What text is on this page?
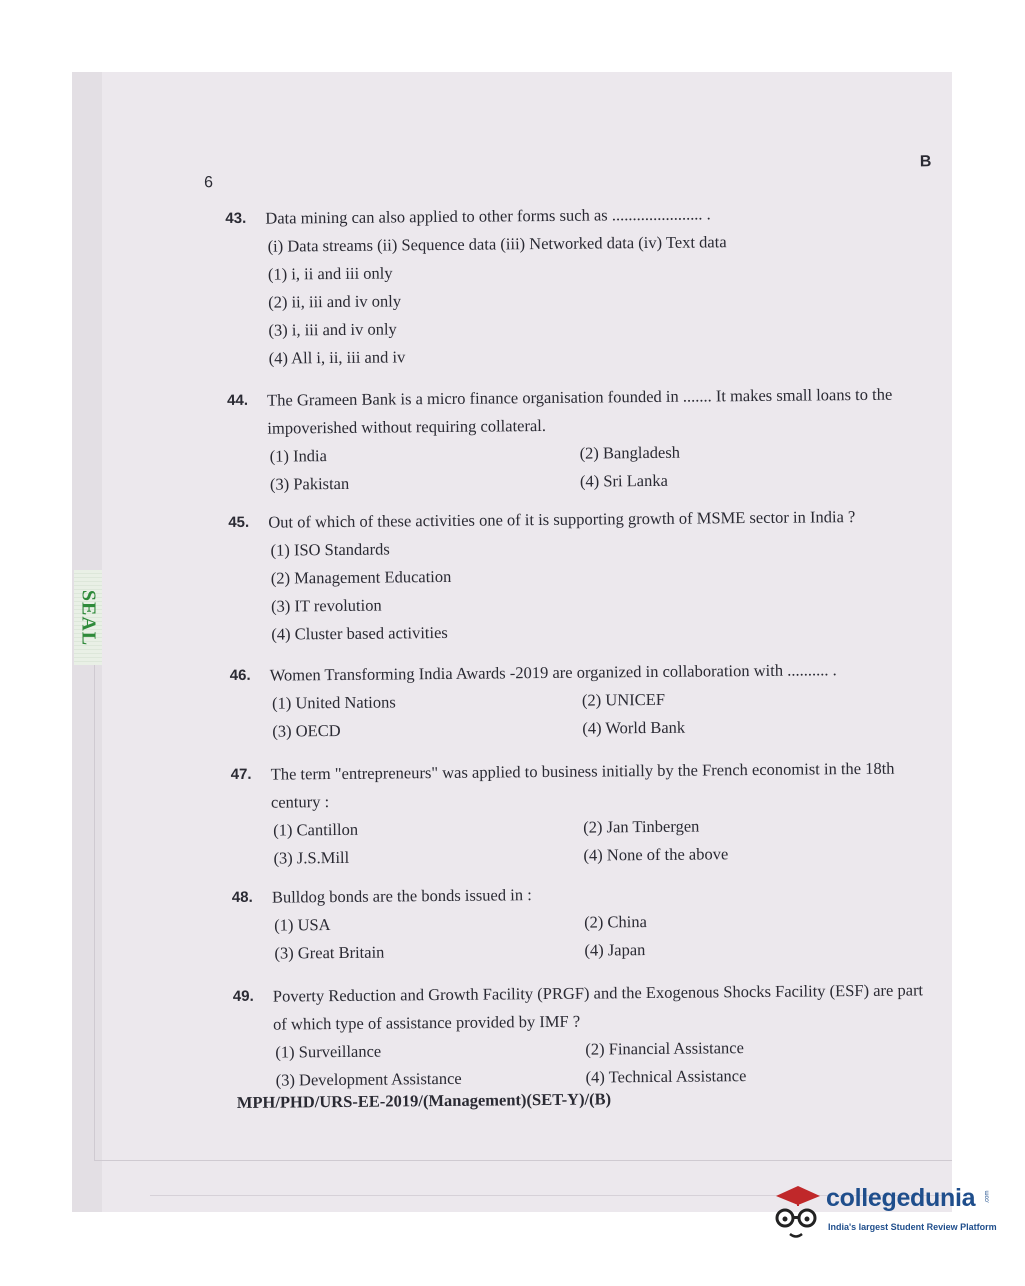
SEAL
6
B
43. Data mining can also applied to other forms such as ...................... .
(i) Data streams (ii) Sequence data (iii) Networked data (iv) Text data
(1) i, ii and iii only
(2) ii, iii and iv only
(3) i, iii and iv only
(4) All i, ii, iii and iv
44. The Grameen Bank is a micro finance organisation founded in ....... It makes small loans to the impoverished without requiring collateral.
(1) India	(2) Bangladesh
(3) Pakistan	(4) Sri Lanka
45. Out of which of these activities one of it is supporting growth of MSME sector in India ?
(1) ISO Standards
(2) Management Education
(3) IT revolution
(4) Cluster based activities
46. Women Transforming India Awards -2019 are organized in collaboration with .......... .
(1) United Nations	(2) UNICEF
(3) OECD	(4) World Bank
47. The term "entrepreneurs" was applied to business initially by the French economist in the 18th century :
(1) Cantillon	(2) Jan Tinbergen
(3) J.S.Mill	(4) None of the above
48. Bulldog bonds are the bonds issued in :
(1) USA	(2) China
(3) Great Britain	(4) Japan
49. Poverty Reduction and Growth Facility (PRGF) and the Exogenous Shocks Facility (ESF) are part of which type of assistance provided by IMF ?
(1) Surveillance	(2) Financial Assistance
(3) Development Assistance	(4) Technical Assistance
MPH/PHD/URS-EE-2019/(Management)(SET-Y)/(B)
collegedunia .com
India's largest Student Review Platform
